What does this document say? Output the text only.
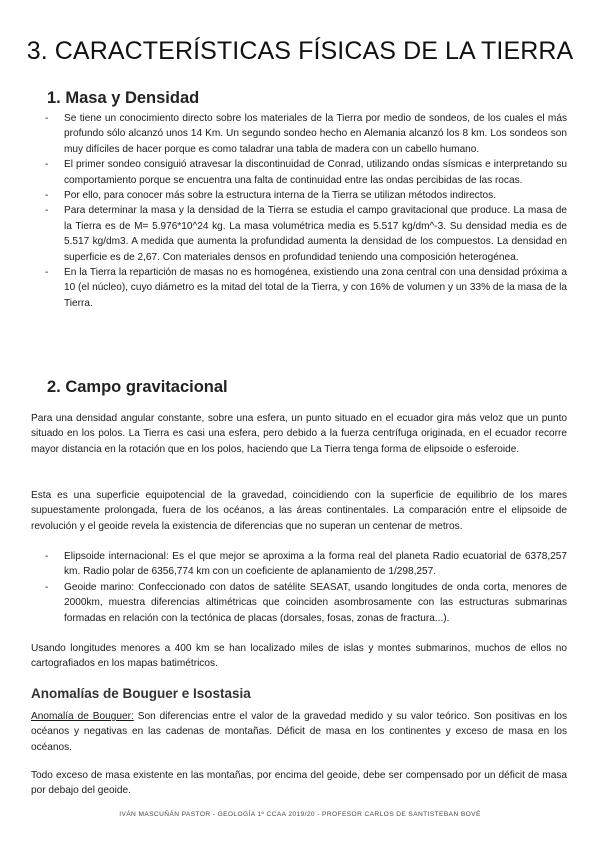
3. CARACTERÍSTICAS FÍSICAS DE LA TIERRA
1. Masa y Densidad
- Se tiene un conocimiento directo sobre los materiales de la Tierra por medio de sondeos, de los cuales el más profundo sólo alcanzó unos 14 Km. Un segundo sondeo hecho en Alemania alcanzó los 8 km. Los sondeos son muy difíciles de hacer porque es como taladrar una tabla de madera con un cabello humano.
- El primer sondeo consiguió atravesar la discontinuidad de Conrad, utilizando ondas sísmicas e interpretando su comportamiento porque se encuentra una falta de continuidad entre las ondas percibidas de las rocas.
- Por ello, para conocer más sobre la estructura interna de la Tierra se utilizan métodos indirectos.
- Para determinar la masa y la densidad de la Tierra se estudia el campo gravitacional que produce. La masa de la Tierra es de M= 5.976*10^24 kg. La masa volumétrica media es 5.517 kg/dm^-3. Su densidad media es de 5.517 kg/dm3. A medida que aumenta la profundidad aumenta la densidad de los compuestos. La densidad en superficie es de 2,67. Con materiales densos en profundidad teniendo una composición heterogénea.
- En la Tierra la repartición de masas no es homogénea, existiendo una zona central con una densidad próxima a 10 (el núcleo), cuyo diámetro es la mitad del total de la Tierra, y con 16% de volumen y un 33% de la masa de la Tierra.
2. Campo gravitacional

Para una densidad angular constante, sobre una esfera, un punto situado en el ecuador gira más veloz que un punto situado en los polos. La Tierra es casi una esfera, pero debido a la fuerza centrífuga originada, en el ecuador recorre mayor distancia en la rotación que en los polos, haciendo que La Tierra tenga forma de elipsoide o esferoide.

Esta es una superficie equipotencial de la gravedad, coincidiendo con la superficie de equilibrio de los mares supuestamente prolongada, fuera de los océanos, a las áreas continentales. La comparación entre el elipsoide de revolución y el geoide revela la existencia de diferencias que no superan un centenar de metros.

- Elipsoide internacional: Es el que mejor se aproxima a la forma real del planeta Radio ecuatorial de 6378,257 km. Radio polar de 6356,774 km con un coeficiente de aplanamiento de 1/298,257.
- Geoide marino: Confeccionado con datos de satélite SEASAT, usando longitudes de onda corta, menores de 2000km, muestra diferencias altimétricas que coinciden asombrosamente con las estructuras submarinas formadas en relación con la tectónica de placas (dorsales, fosas, zonas de fractura...).

Usando longitudes menores a 400 km se han localizado miles de islas y montes submarinos, muchos de ellos no cartografiados en los mapas batimétricos.

Anomalías de Bouguer e Isostasia

Anomalía de Bouguer: Son diferencias entre el valor de la gravedad medido y su valor teórico. Son positivas en los océanos y negativas en las cadenas de montañas. Déficit de masa en los continentes y exceso de masa en los océanos.

Todo exceso de masa existente en las montañas, por encima del geoide, debe ser compensado por un déficit de masa por debajo del geoide.

IVÁN MASCUÑÁN PASTOR - GEOLOGÍA 1º CCAA 2019/20 - PROFESOR CARLOS DE SANTISTEBAN BOVÉ
